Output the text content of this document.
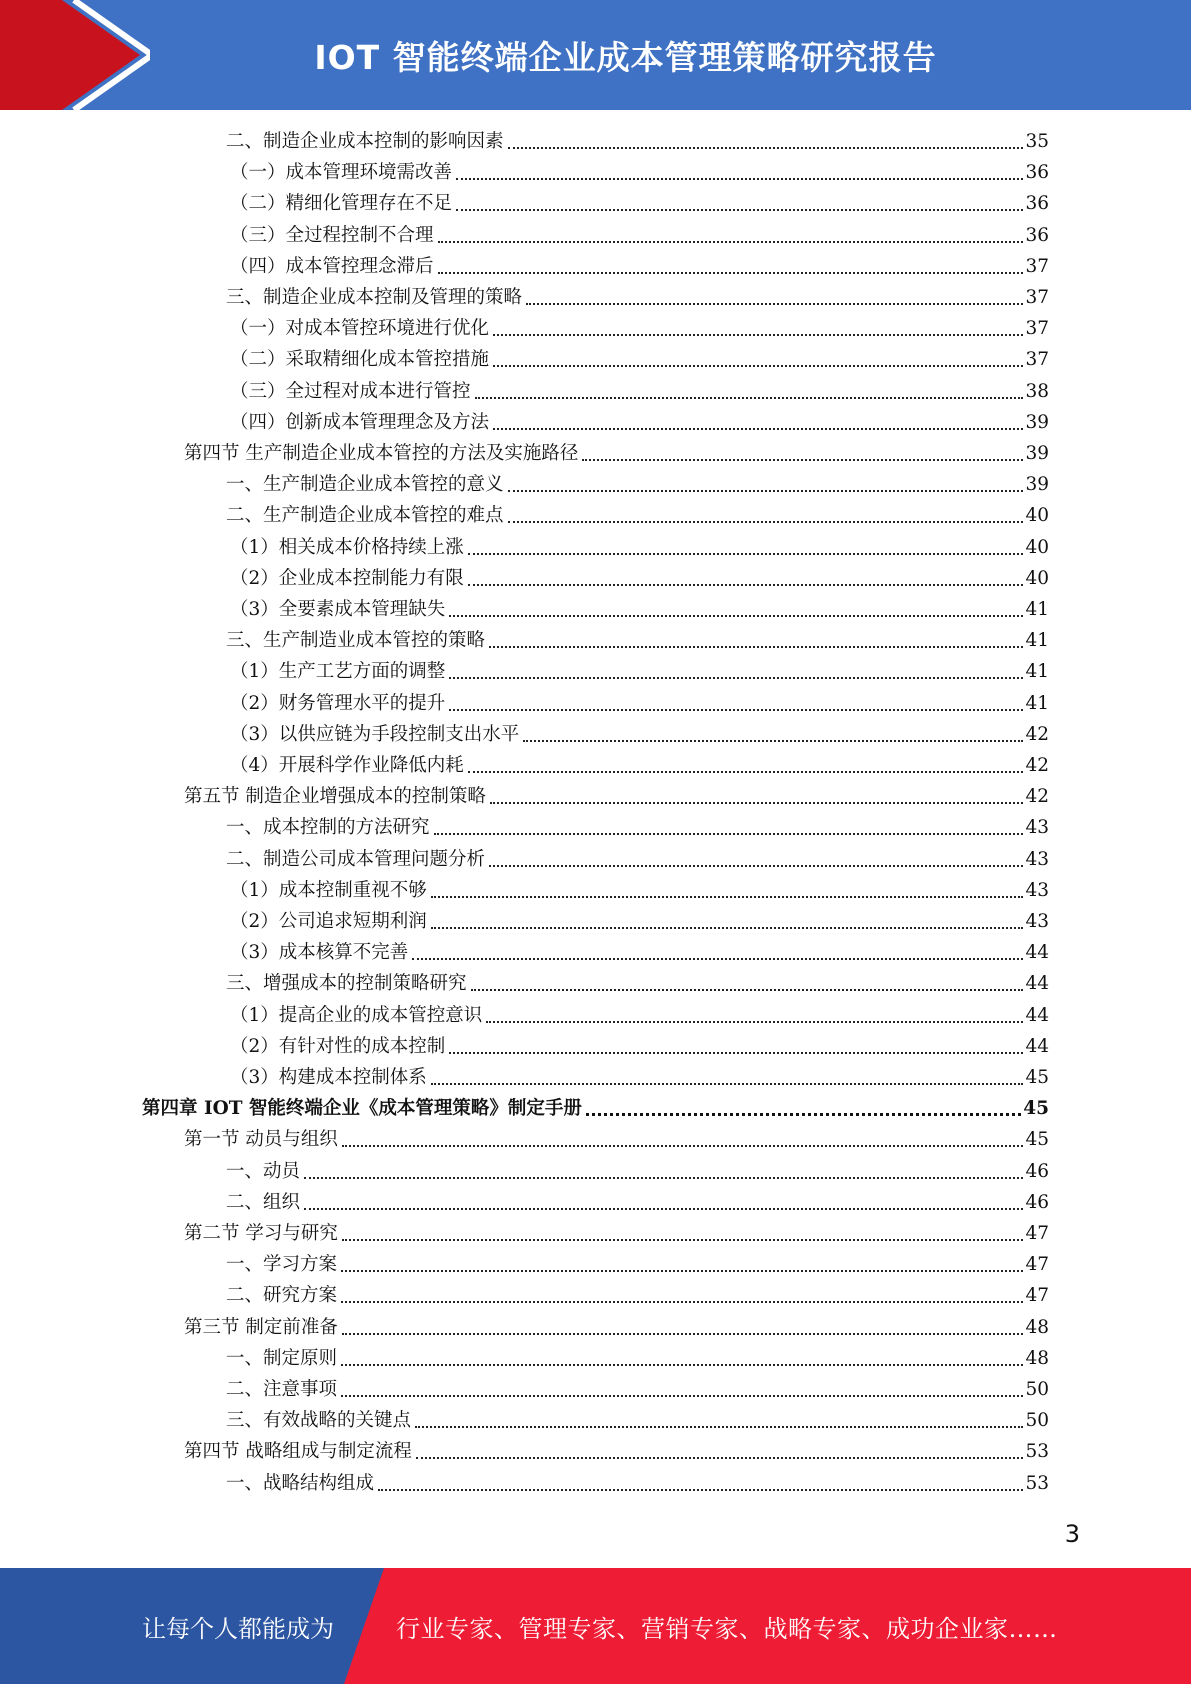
IOT 智能终端企业成本管理策略研究报告
二、制造企业成本控制的影响因素	35
（一）成本管理环境需改善	36
（二）精细化管理存在不足	36
（三）全过程控制不合理	36
（四）成本管控理念滞后	37
三、制造企业成本控制及管理的策略	37
（一）对成本管控环境进行优化	37
（二）采取精细化成本管控措施	37
（三）全过程对成本进行管控	38
（四）创新成本管理理念及方法	39
第四节 生产制造企业成本管控的方法及实施路径	39
一、生产制造企业成本管控的意义	39
二、生产制造企业成本管控的难点	40
（1）相关成本价格持续上涨	40
（2）企业成本控制能力有限	40
（3）全要素成本管理缺失	41
三、生产制造业成本管控的策略	41
（1）生产工艺方面的调整	41
（2）财务管理水平的提升	41
（3）以供应链为手段控制支出水平	42
（4）开展科学作业降低内耗	42
第五节 制造企业增强成本的控制策略	42
一、成本控制的方法研究	43
二、制造公司成本管理问题分析	43
（1）成本控制重视不够	43
（2）公司追求短期利润	43
（3）成本核算不完善	44
三、增强成本的控制策略研究	44
（1）提高企业的成本管控意识	44
（2）有针对性的成本控制	44
（3）构建成本控制体系	45
第四章 IOT 智能终端企业《成本管理策略》制定手册	45
第一节 动员与组织	45
一、动员	46
二、组织	46
第二节 学习与研究	47
一、学习方案	47
二、研究方案	47
第三节 制定前准备	48
一、制定原则	48
二、注意事项	50
三、有效战略的关键点	50
第四节 战略组成与制定流程	53
一、战略结构组成	53
3
让每个人都能成为	行业专家、管理专家、营销专家、战略专家、成功企业家……
